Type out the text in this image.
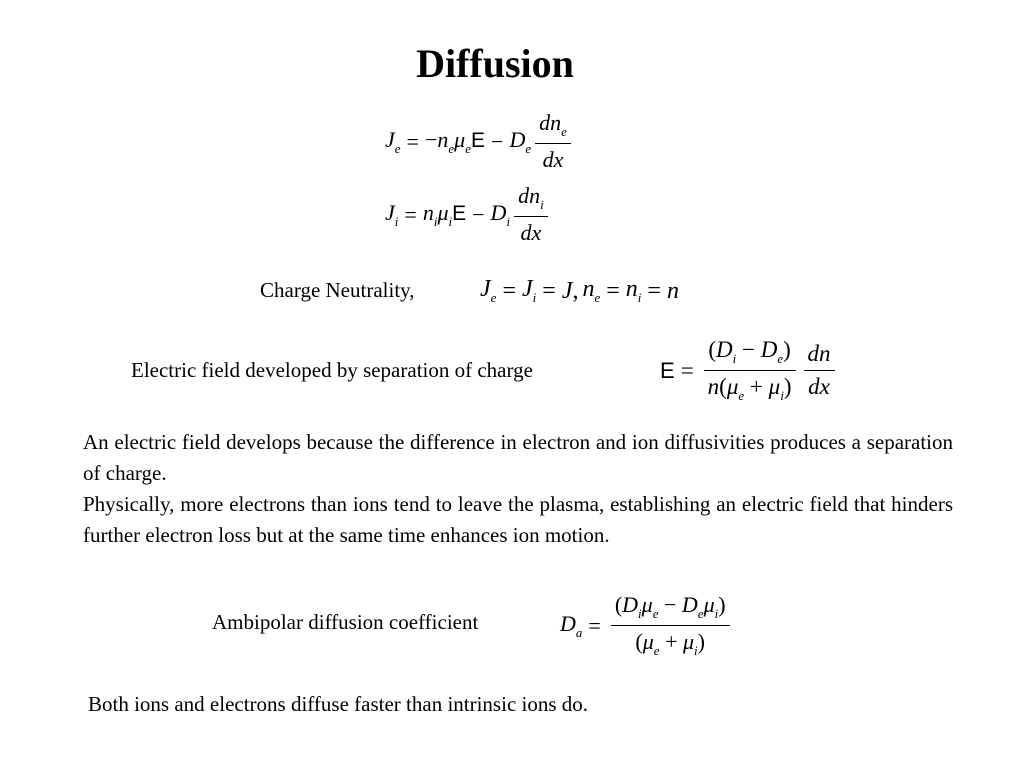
Diffusion
$J_e = -n_e\mu_eE - D_e \frac{dn_e}{dx}$
$J_i = n_i\mu_iE - D_i \frac{dn_i}{dx}$
Charge Neutrality,	$J_e = J_i = J$, $n_e = n_i = n$
Electric field developed by separation of charge	$E = \frac{(D_i - D_e)}{n(\mu_e + \mu_i)} \frac{dn}{dx}$

An electric field develops because the difference in electron and ion diffusivities produces a separation of charge.

Physically, more electrons than ions tend to leave the plasma, establishing an electric field that hinders further electron loss but at the same time enhances ion motion.

Ambipolar diffusion coefficient	$D_a = \frac{(D_i\mu_e - D_e\mu_i)}{(\mu_e + \mu_i)}$
Both ions and electrons diffuse faster than intrinsic ions do.
